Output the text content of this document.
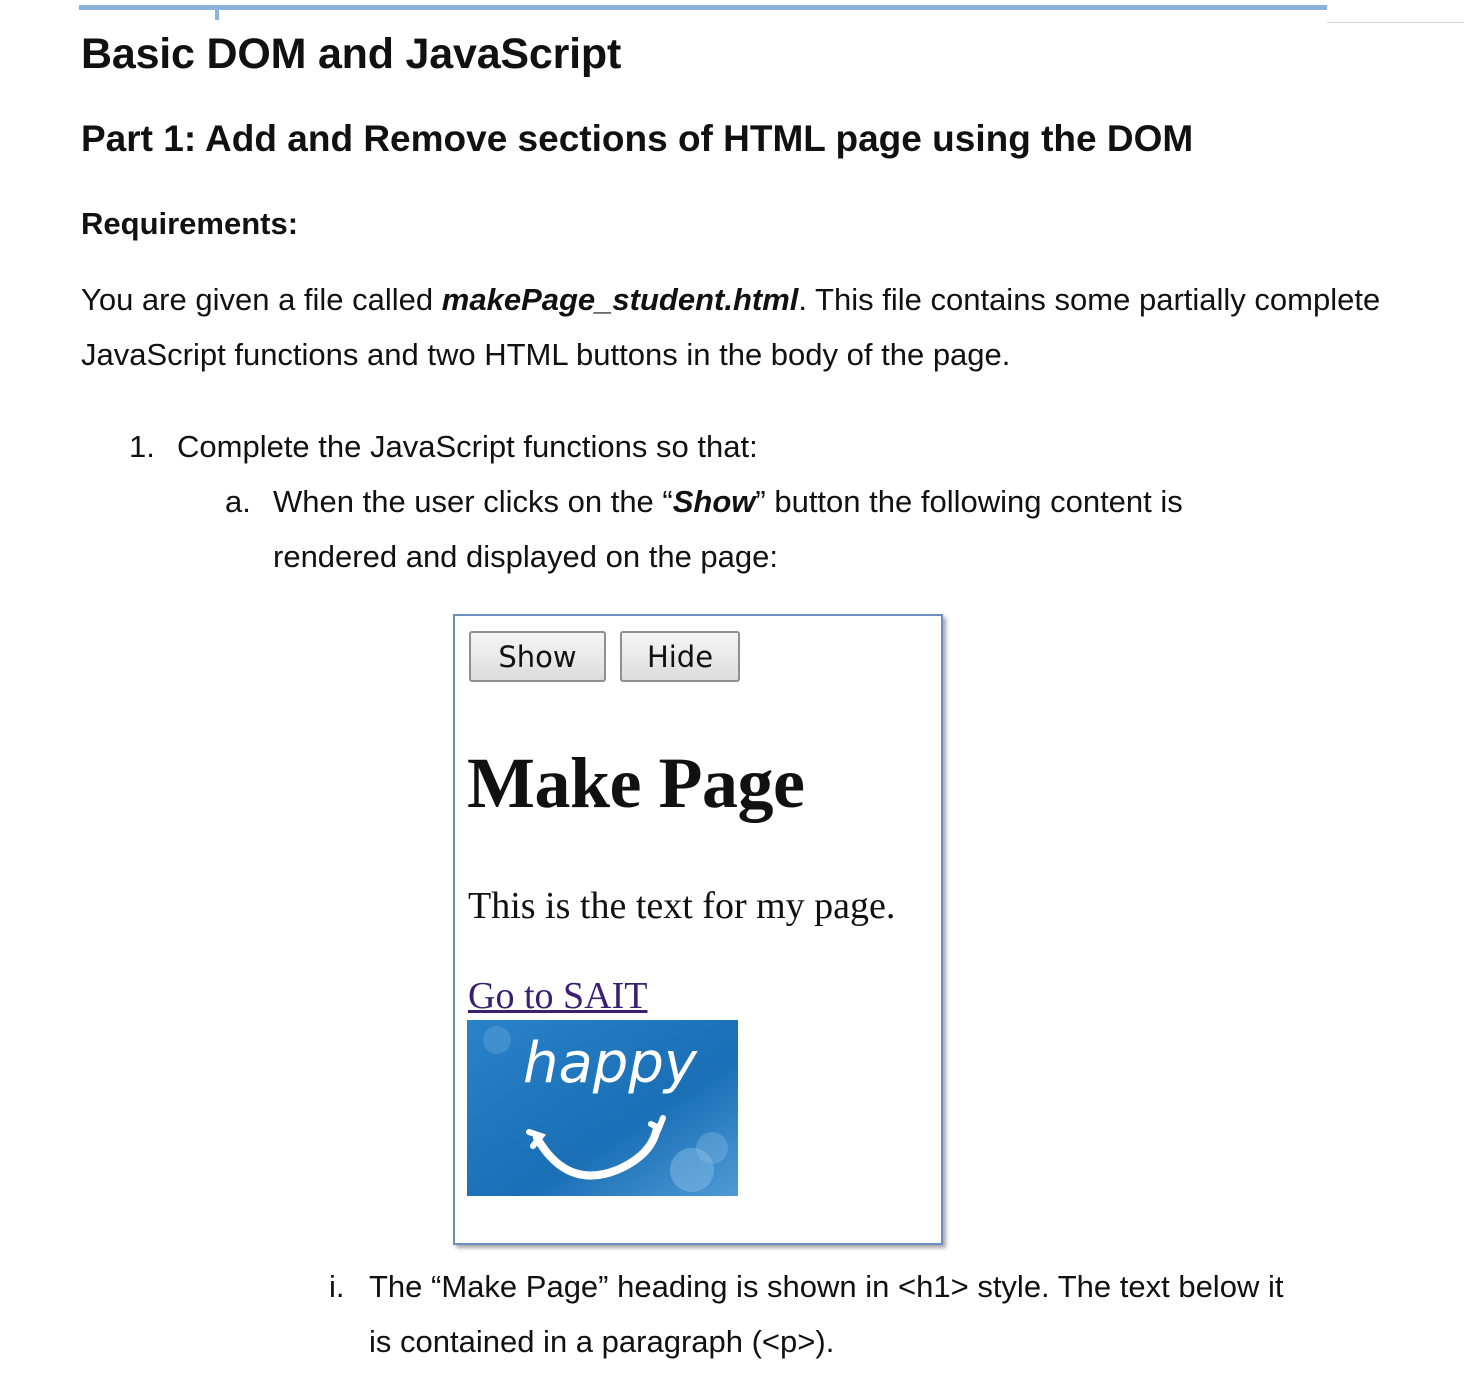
Basic DOM and JavaScript
Part 1: Add and Remove sections of HTML page using the DOM
Requirements:

You are given a file called makePage_student.html. This file contains some partially complete JavaScript functions and two HTML buttons in the body of the page.

1. Complete the JavaScript functions so that:
a. When the user clicks on the “Show” button the following content is
rendered and displayed on the page:
Show	Hide
Make Page

This is the text for my page.

Go to SAIT
happy
i. The “Make Page” heading is shown in <h1> style. The text below it
is contained in a paragraph (<p>).
